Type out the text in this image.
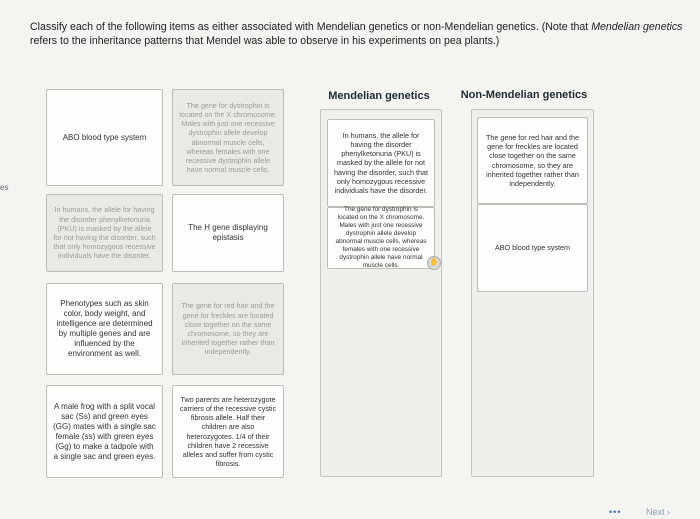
Classify each of the following items as either associated with Mendelian genetics or non-Mendelian genetics. (Note that Mendelian genetics refers to the inheritance patterns that Mendel was able to observe in his experiments on pea plants.)
es
ABO blood type system
The gene for dystrophin is located on the X chromosome. Males with just one recessive dystrophin allele develop abnormal muscle cells, whereas females with one recessive dystrophin allele have normal muscle cells.
In humans, the allele for having the disorder phenylketonuria (PKU) is masked by the allele for not having the disorder, such that only homozygous recessive individuals have the disorder.
The H gene displaying epistasis
Phenotypes such as skin color, body weight, and intelligence are determined by multiple genes and are influenced by the environment as well.
The gene for red hair and the gene for freckles are located close together on the same chromosome, so they are inherited together rather than independently.
A male frog with a split vocal sac (Ss) and green eyes (GG) mates with a single sac female (ss) with green eyes (Gg) to make a tadpole with a single sac and green eyes.
Two parents are heterozygote carriers of the recessive cystic fibrosis allele. Half their children are also heterozygotes. 1/4 of their children have 2 recessive alleles and suffer from cystic fibrosis.
Mendelian genetics	Non-Mendelian genetics
In humans, the allele for having the disorder phenylketonuria (PKU) is masked by the allele for not having the disorder, such that only homozygous recessive individuals have the disorder.
The gene for dystrophin is located on the X chromosome. Males with just one recessive dystrophin allele develop abnormal muscle cells, whereas females with one recessive dystrophin allele have normal muscle cells.	✋
The gene for red hair and the gene for freckles are located close together on the same chromosome, so they are inherited together rather than independently.
ABO blood type system
•••	Next ›
